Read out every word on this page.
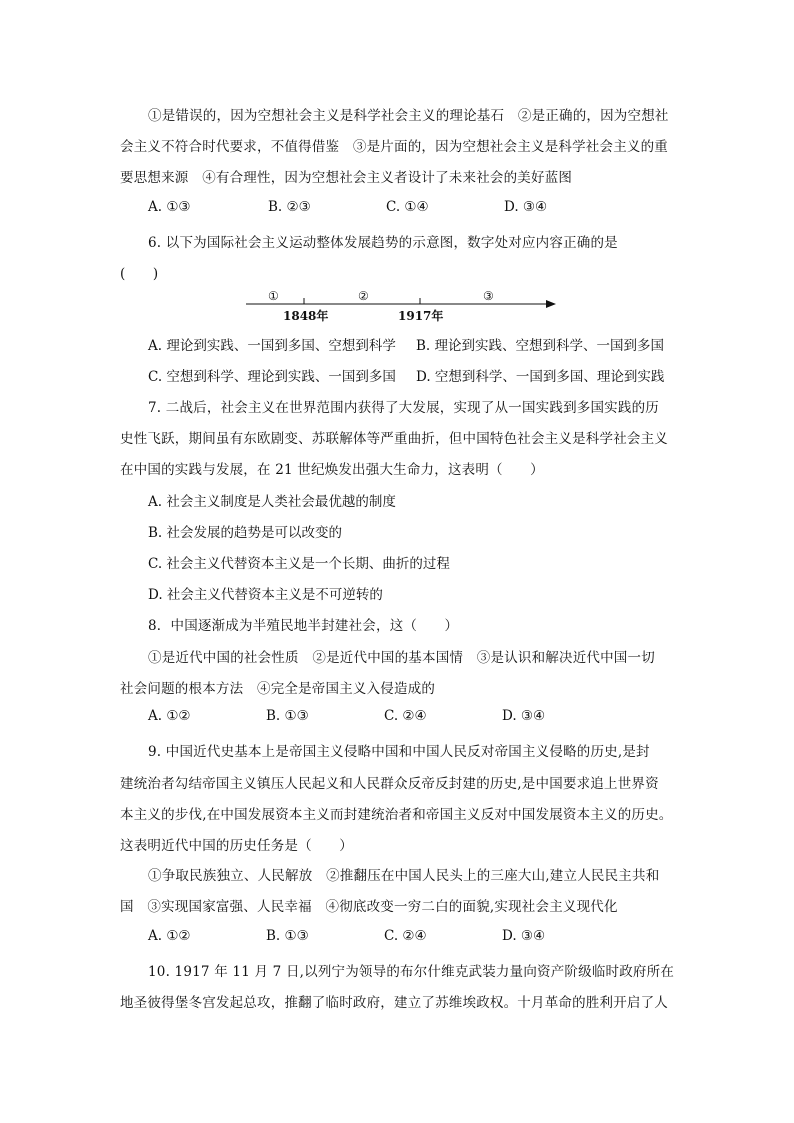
①是错误的，因为空想社会主义是科学社会主义的理论基石　②是正确的，因为空想社
会主义不符合时代要求，不值得借鉴　③是片面的，因为空想社会主义是科学社会主义的重
要思想来源　④有合理性，因为空想社会主义者设计了未来社会的美好蓝图
A. ①③	B. ②③	C. ①④	D. ③④
6. 以下为国际社会主义运动整体发展趋势的示意图，数字处对应内容正确的是
(　　)
①	②	③
1848年	1917年
A. 理论到实践、一国到多国、空想到科学 B. 理论到实践、空想到科学、一国到多国
C. 空想到科学、理论到实践、一国到多国 D. 空想到科学、一国到多国、理论到实践
7. 二战后，社会主义在世界范围内获得了大发展，实现了从一国实践到多国实践的历
史性飞跃，期间虽有东欧剧变、苏联解体等严重曲折，但中国特色社会主义是科学社会主义
在中国的实践与发展，在 21 世纪焕发出强大生命力，这表明（　　）
A. 社会主义制度是人类社会最优越的制度
B. 社会发展的趋势是可以改变的
C. 社会主义代替资本主义是一个长期、曲折的过程
D. 社会主义代替资本主义是不可逆转的
8．中国逐渐成为半殖民地半封建社会，这（　　）
①是近代中国的社会性质　②是近代中国的基本国情　③是认识和解决近代中国一切
社会问题的根本方法　④完全是帝国主义入侵造成的
A. ①②	B. ①③	C. ②④	D. ③④
9. 中国近代史基本上是帝国主义侵略中国和中国人民反对帝国主义侵略的历史,是封
建统治者勾结帝国主义镇压人民起义和人民群众反帝反封建的历史,是中国要求追上世界资
本主义的步伐,在中国发展资本主义而封建统治者和帝国主义反对中国发展资本主义的历史。
这表明近代中国的历史任务是（　　）
①争取民族独立、人民解放　②推翻压在中国人民头上的三座大山,建立人民民主共和
国　③实现国家富强、人民幸福　④彻底改变一穷二白的面貌,实现社会主义现代化
A. ①②	B. ①③	C. ②④	D. ③④
10. 1917 年 11 月 7 日,以列宁为领导的布尔什维克武装力量向资产阶级临时政府所在
地圣彼得堡冬宫发起总攻，推翻了临时政府，建立了苏维埃政权。十月革命的胜利开启了人
